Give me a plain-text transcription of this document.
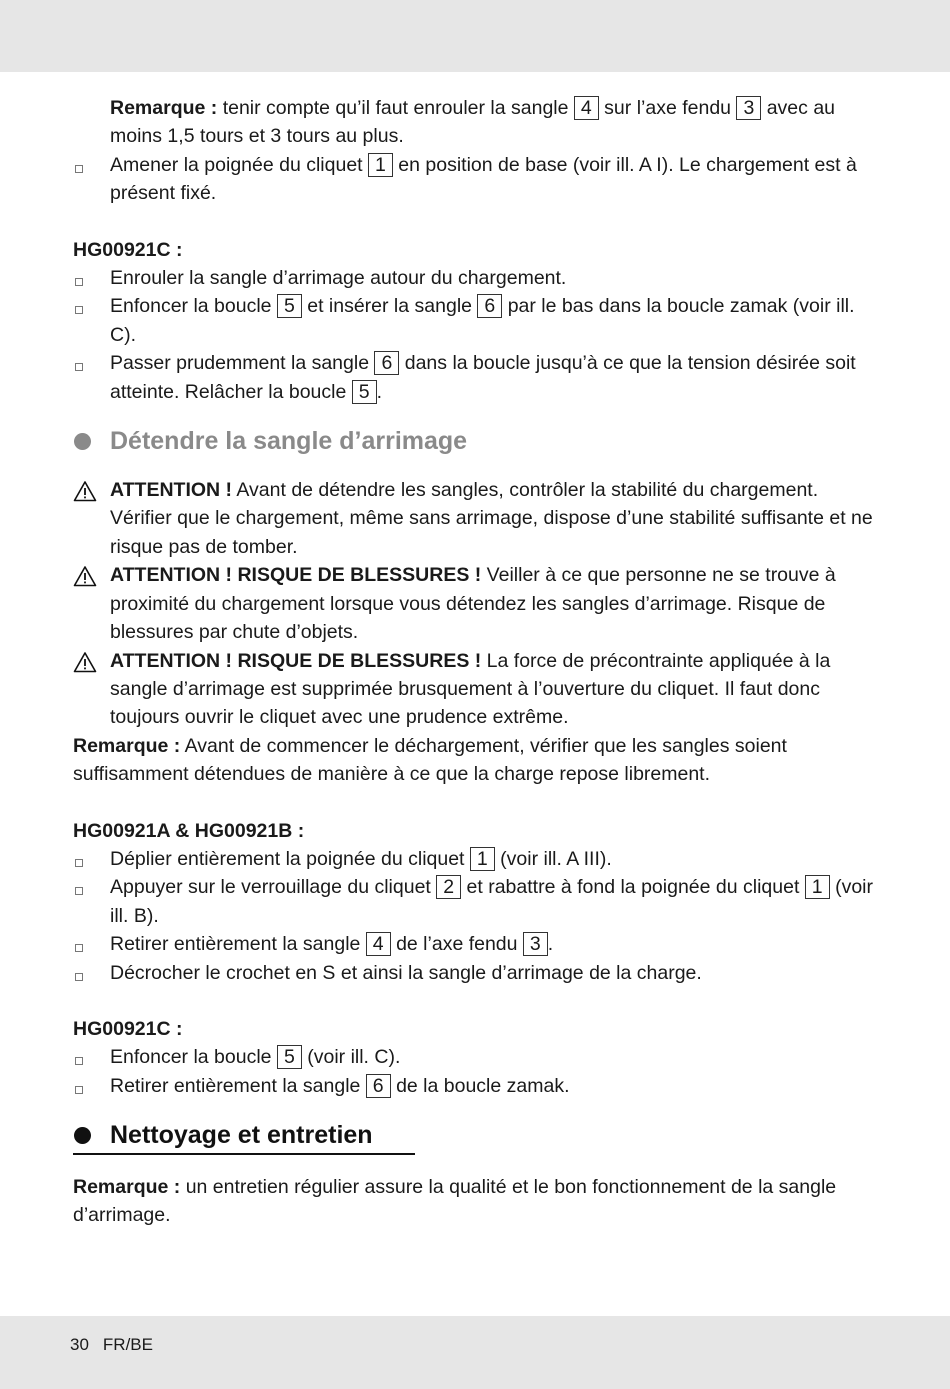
Remarque : tenir compte qu’il faut enrouler la sangle 4 sur l’axe fendu 3 avec au moins 1,5 tours et 3 tours au plus.

Amener la poignée du cliquet 1 en position de base (voir ill. A I). Le chargement est à présent fixé.

HG00921C :

Enrouler la sangle d’arrimage autour du chargement.

Enfoncer la boucle 5 et insérer la sangle 6 par le bas dans la boucle zamak (voir ill. C).

Passer prudemment la sangle 6 dans la boucle jusqu’à ce que la tension désirée soit atteinte. Relâcher la boucle 5 .

Détendre la sangle d’arrimage

ATTENTION ! Avant de détendre les sangles, contrôler la stabilité du chargement. Vérifier que le chargement, même sans arrimage, dispose d’une stabilité suffisante et ne risque pas de tomber.

ATTENTION ! RISQUE DE BLESSURES ! Veiller à ce que personne ne se trouve à proximité du chargement lorsque vous détendez les sangles d’arrimage. Risque de blessures par chute d’objets.

ATTENTION ! RISQUE DE BLESSURES ! La force de précontrainte appliquée à la sangle d’arrimage est supprimée brusquement à l’ouverture du cliquet. Il faut donc toujours ouvrir le cliquet avec une prudence extrême.

Remarque : Avant de commencer le déchargement, vérifier que les sangles soient suffisamment détendues de manière à ce que la charge repose librement.

HG00921A & HG00921B :

Déplier entièrement la poignée du cliquet 1 (voir ill. A III).

Appuyer sur le verrouillage du cliquet 2 et rabattre à fond la poignée du cliquet 1 (voir ill. B).

Retirer entièrement la sangle 4 de l’axe fendu 3 .

Décrocher le crochet en S et ainsi la sangle d’arrimage de la charge.

HG00921C :

Enfoncer la boucle 5 (voir ill. C).

Retirer entièrement la sangle 6 de la boucle zamak.

Nettoyage et entretien

Remarque : un entretien régulier assure la qualité et le bon fonctionnement de la sangle d’arrimage.

30 FR/BE
